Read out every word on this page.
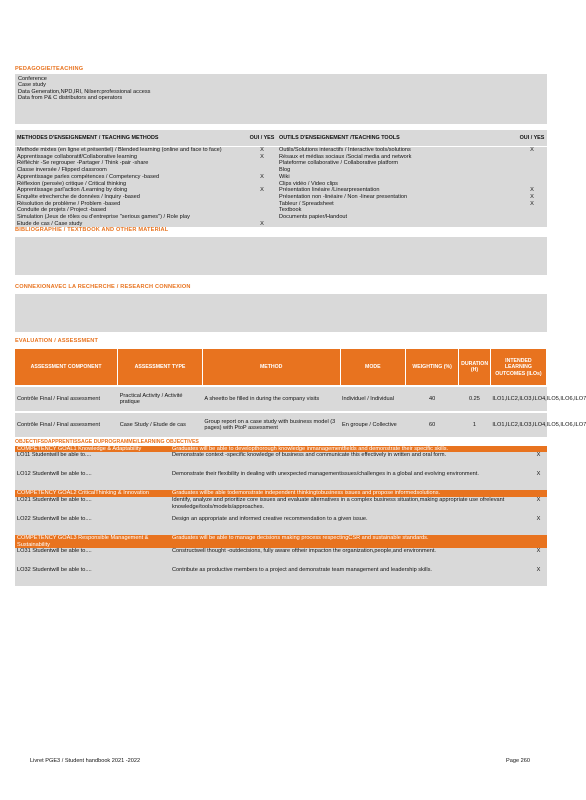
PEDAGOGIE/TEACHING
Conference
Case study
Data Generation,NPD,IRI, Nilsen:professional access
Data from P& C distributors and operators
METHODES D'ENSEIGNEMENT / TEACHING METHODS	OUI / YES	OUTILS D'ENSEIGNEMENT /TEACHING TOOLS	OUI / YES
Methode mixtes (en ligne et présentiel) / Blended learning (online and face to face)	X	Outils/Solutions interactifs / Interactive tools/solutions	X
Apprentissage collaboratif/Collaborative learning	X	Résaux et médias sociaux /Social media and network	
Réfléchir -Se regrouper -Partager / Think -pair -share		Plateforme collaborative / Collaborative platform	
Classe inversée / Flipped classroom		Blog	
Apprentissage parles compétences / Competency -based	X	Wiki	
Réflexion (pensée) critique / Critical thinking		Clips vidéo / Video clips	
Apprentissage parl'action /Learning by doing	X	Présentation linéaire /Linearpresentation	X
Enquête etrecherche de données / Inquiry -based		Présentation non -linéaire / Non -linear presentation	X
Résolution de problème / Problem -based		Tableur / Spreadsheet	X
Conduite de projets / Project -based		Textbook	
Simulation (Jeux de rôles ou d'entreprise "serious games") / Role play		Documents papier/Handout	
Etude de cas / Case study	X		
BIBLIOGRAPHIE / TEXTBOOK AND OTHER MATERIAL
CONNEXIONAVEC LA RECHERCHE / RESEARCH CONNEXION
EVALUATION / ASSESSMENT
ASSESSMENT COMPONENT	ASSESSMENT TYPE	METHOD	MODE	WEIGHTING (%)	DURATION (H)	INTENDED LEARNING OUTCOMES (ILOs)
Contrôle Final / Final assessment	Practical Activity / Activité pratique	A sheetto be filled in during the company visits	Individuel / Individual	40	0.25	ILO1,ILC2,ILO3,ILO4,ILO5,ILO6,ILO7
Contrôle Final / Final assessment	Case Study / Etude de cas	Group report on a case study with business model (3 pages) with PtoP assessment	En groupe / Collective	60	1	ILO1,ILC2,ILO3,ILO4,ILO5,ILO6,ILO7
OBJECTIFSDAPPRENTISSAGE DUPROGRAMME/LEARNING OBJECTIVES
COMPETENCY GOAL1 Knowledge & Adaptability	Graduates will be able to developthorough knowledge inmanagementfields and demonstrate their specific skills.	
LO11 Studentwill be able to....	Demonstrate context -specific knowledge of business and communicate this effectively in written and oral form.	X
LO12 Studentwill be able to....	Demonstrate their flexibility in dealing with unexpected managementissues/challenges in a global and evolving environment.	X
COMPETENCY GOAL2 CriticalThinking & Innovation	Graduates willbe able todemonstrate independent thinkingtobusiness issues and propose informedsolutions.	
LO21 Studentwill be able to....	Identify, analyze and prioritize core issues and evaluate alternatives in a complex business situation,making appropriate use ofrelevant knowledge/tools/models/approaches.	X
LO22 Studentwill be able to....	Design an appropriate and informed creative recommendation to a given issue.	X
COMPETENCY GOAL3 Responsible Management & Sustainability	Graduates will be able to manage decisions making process respectingCSR and sustainable standards.	
LO31 Studentwill be able to....	Constructwell thought -outdecisions, fully aware oftheir impacton the organization,people,and environment.	X
LO32 Studentwill be able to....	Contribute as productive members to a project and demonstrate team management and leadership skills.	X
Livret PGE3 / Student handbook 2021 -2022	Page 260
